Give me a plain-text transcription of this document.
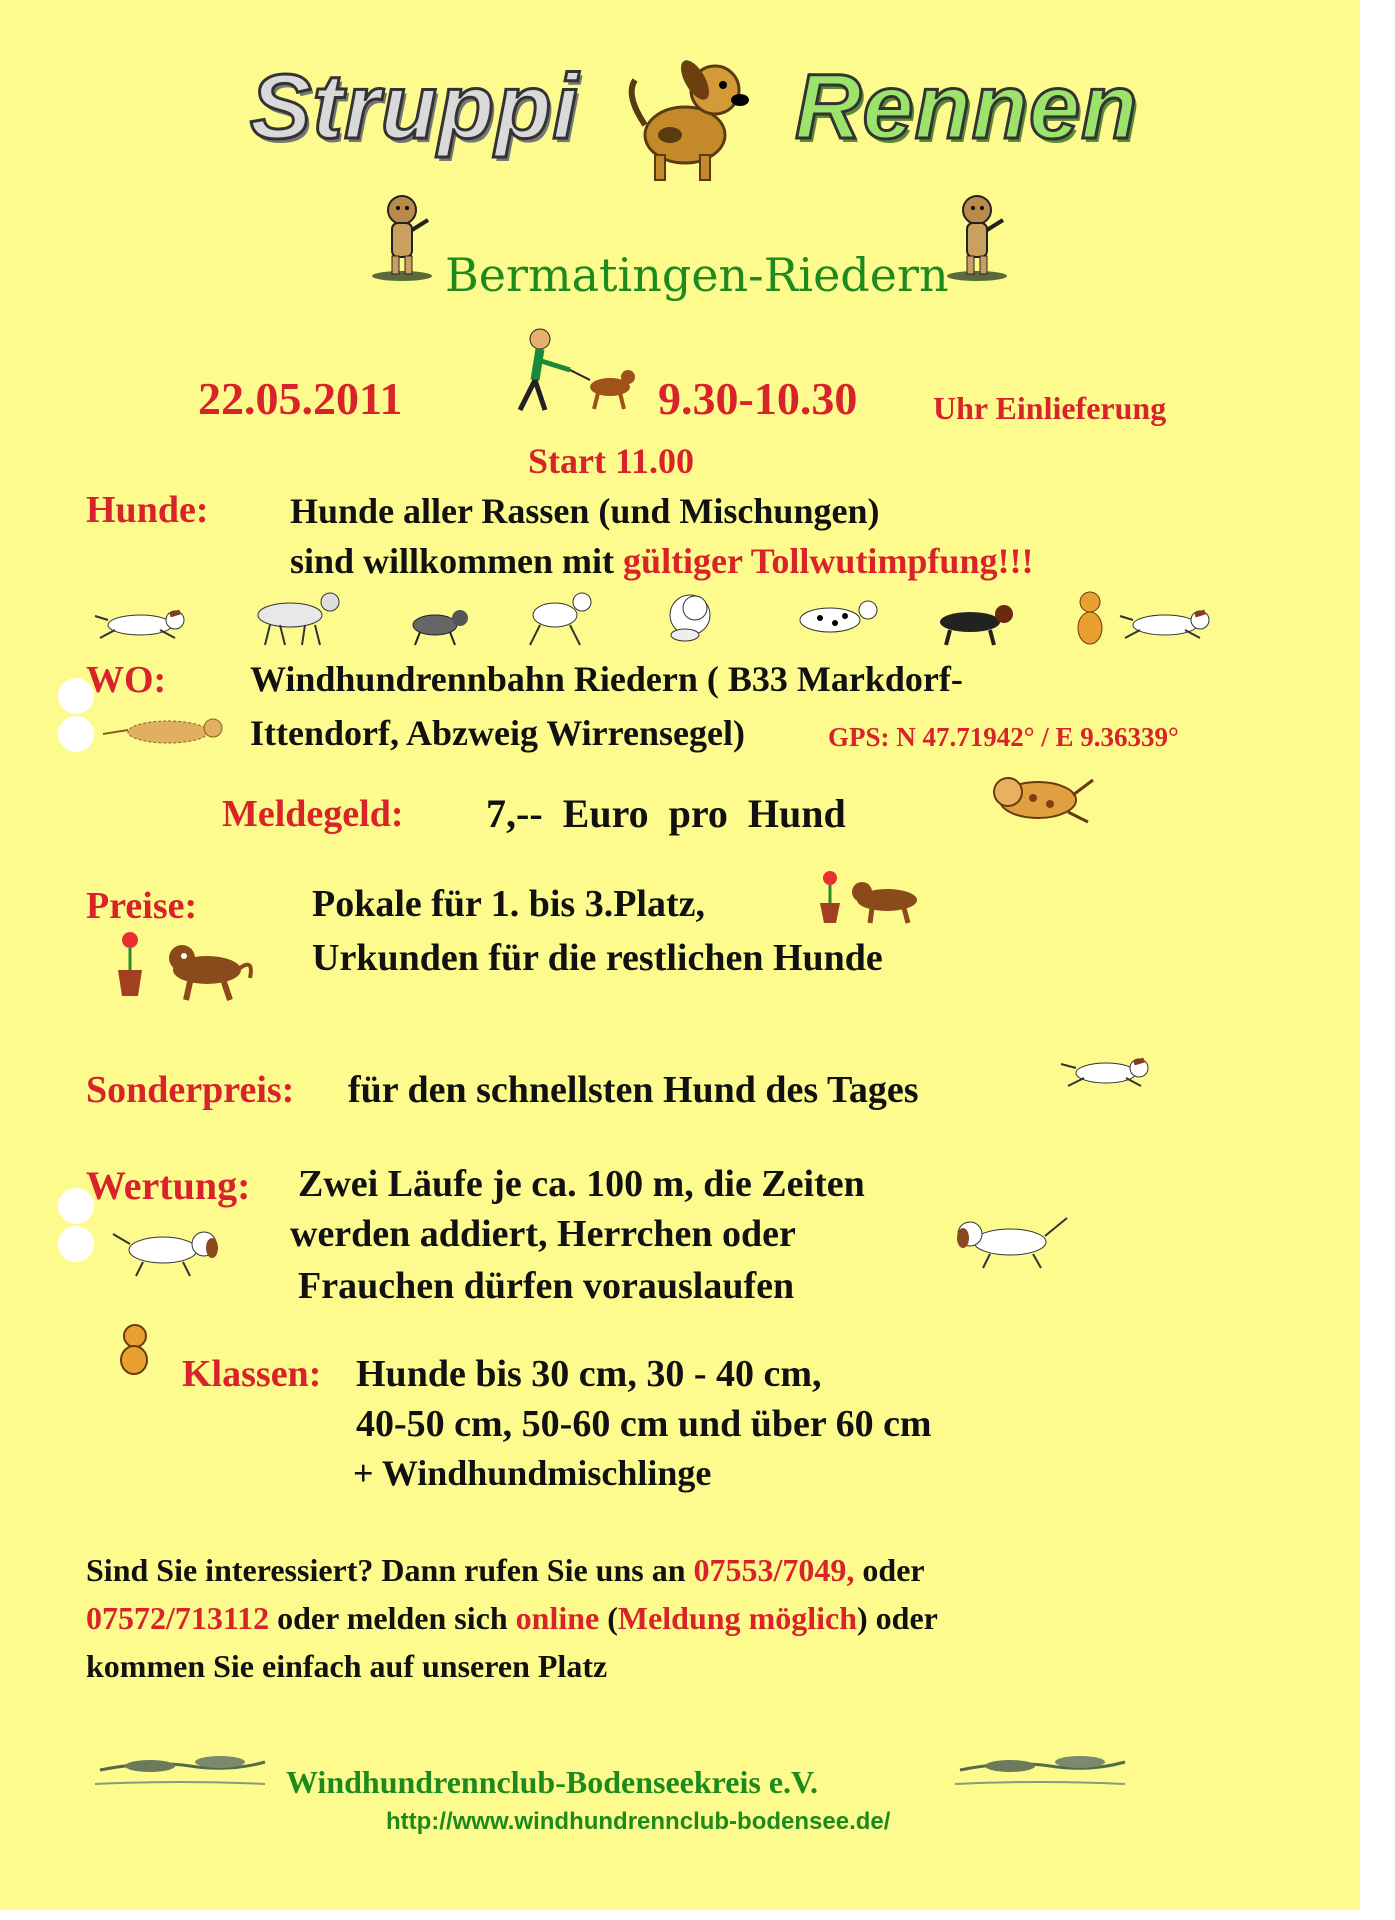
Struppi Rennen
Bermatingen-Riedern
22.05.2011	9.30-10.30 Uhr Einlieferung
Start 11.00
Hunde: Hunde aller Rassen (und Mischungen)
sind willkommen mit gültiger Tollwutimpfung!!!
WO: Windhundrennbahn Riedern ( B33 Markdorf-
Ittendorf, Abzweig Wirrensegel)	GPS: N 47.71942° / E 9.36339°
Meldegeld: 7,--  Euro  pro  Hund
Preise:	Pokale für 1. bis 3.Platz,
Urkunden für die restlichen Hunde
Sonderpreis: für den schnellsten Hund des Tages
Wertung: Zwei Läufe je ca. 100 m, die Zeiten
werden addiert, Herrchen oder
Frauchen dürfen vorauslaufen
Klassen: Hunde bis 30 cm, 30 - 40 cm,
40-50 cm, 50-60 cm und über 60 cm
+ Windhundmischlinge
Sind Sie interessiert? Dann rufen Sie uns an 07553/7049, oder
07572/713112 oder melden sich online (Meldung möglich) oder
kommen Sie einfach auf unseren Platz
Windhundrennclub-Bodenseekreis e.V.
http://www.windhundrennclub-bodensee.de/
